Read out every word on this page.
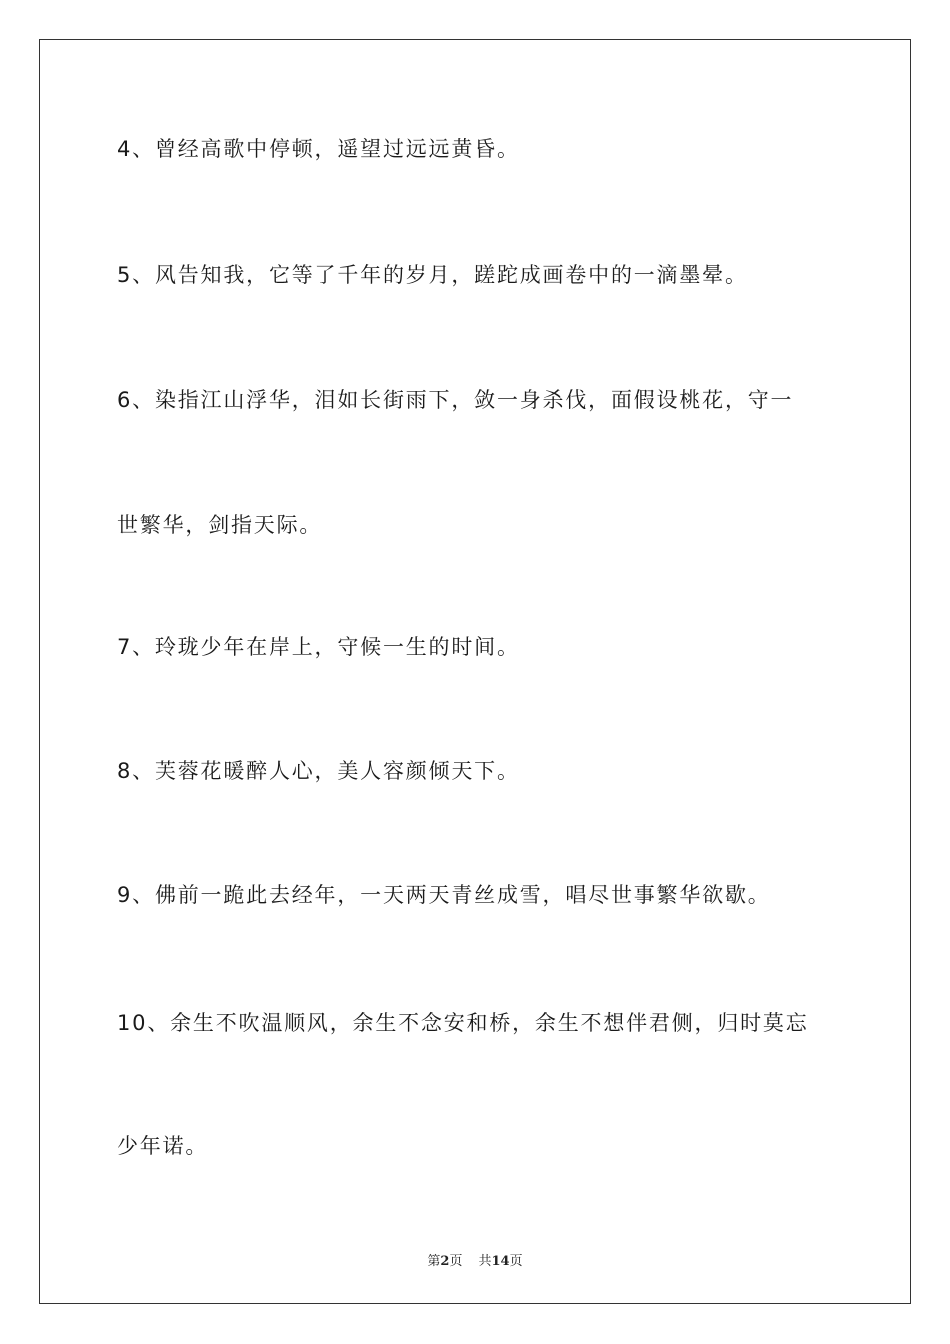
4、曾经高歌中停顿，遥望过远远黄昏。
5、风告知我，它等了千年的岁月，蹉跎成画卷中的一滴墨晕。
6、染指江山浮华，泪如长街雨下，敛一身杀伐，面假设桃花，守一
世繁华，剑指天际。
7、玲珑少年在岸上，守候一生的时间。
8、芙蓉花暖醉人心，美人容颜倾天下。
9、佛前一跪此去经年，一天两天青丝成雪，唱尽世事繁华欲歇。
10、余生不吹温顺风，余生不念安和桥，余生不想伴君侧，归时莫忘
少年诺。
第2页 共14页
